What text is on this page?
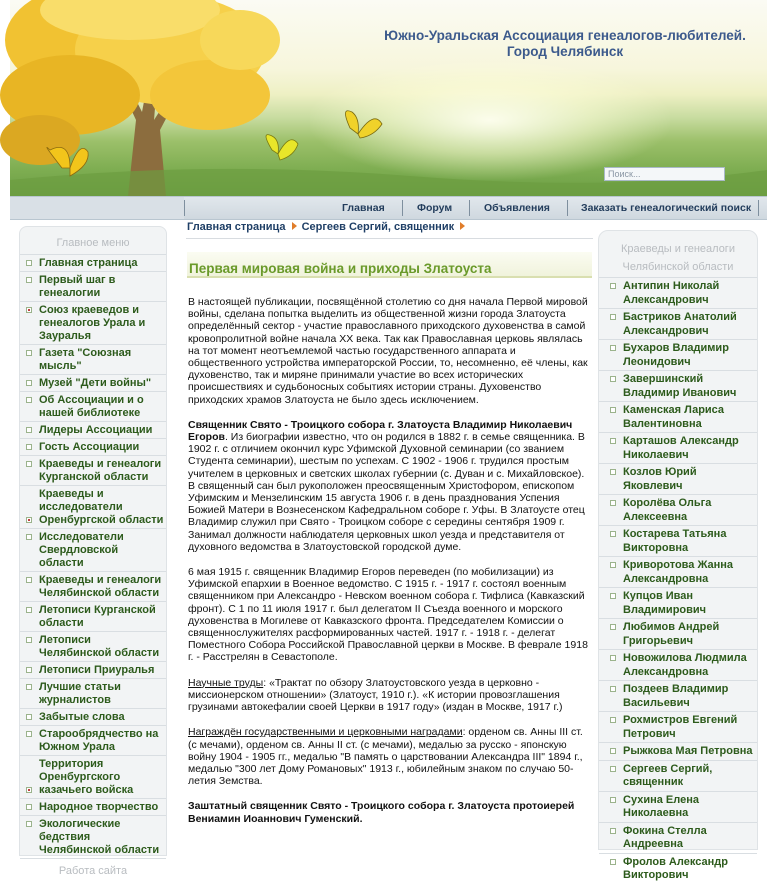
Южно-Уральская Ассоциация генеалогов-любителей.
Город Челябинск
Поиск...
Главная	Форум	Объявления	Заказать генеалогический поиск
Главное меню
Главная страница
Первый шаг в генеалогии
Союз краеведов и генеалогов Урала и Зауралья
Газета "Союзная мысль"
Музей "Дети войны"
Об Ассоциации и о нашей библиотеке
Лидеры Ассоциации
Гость Ассоциации
Краеведы и генеалоги Курганской области
Краеведы и исследователи Оренбургской области
Исследователи Свердловской области
Краеведы и генеалоги Челябинской области
Летописи Курганской области
Летописи Челябинской области
Летописи Приуралья
Лучшие статьи журналистов
Забытые слова
Старообрядчество на Южном Урала
Территория Оренбургского казачьего войска
Народное творчество
Экологические бедствия Челябинской области
Работа сайта
Главная страница Сергеев Сергий, священник
Первая мировая война и приходы Златоуста

В настоящей публикации, посвящённой столетию со дня начала Первой мировой войны, сделана попытка выделить из общественной жизни города Златоуста определённый сектор - участие православного приходского духовенства в самой кровопролитной войне начала XX века. Так как Православная церковь являлась на тот момент неотъемлемой частью государственного аппарата и общественного устройства императорской России, то, несомненно, её члены, как духовенство, так и миряне принимали участие во всех исторических происшествиях и судьбоносных событиях истории страны. Духовенство приходских храмов Златоуста не было здесь исключением.

Священник Свято - Троицкого собора г. Златоуста Владимир Николаевич Егоров. Из биографии известно, что он родился в 1882 г. в семье священника. В 1902 г. с отличием окончил курс Уфимской Духовной семинарии (со званием Студента семинарии), шестым по успехам. С 1902 - 1906 г. трудился простым учителем в церковных и светских школах губернии (с. Дуван и с. Михайловское). В священный сан был рукоположен преосвященным Христофором, епископом Уфимским и Мензелинским 15 августа 1906 г. в день празднования Успения Божией Матери в Вознесенском Кафедральном соборе г. Уфы. В Златоусте отец Владимир служил при Свято - Троицком соборе с середины сентября 1909 г. Занимал должности наблюдателя церковных школ уезда и представителя от духовного ведомства в Златоустовской городской думе.

6 мая 1915 г. священник Владимир Егоров переведен (по мобилизации) из Уфимской епархии в Военное ведомство. С 1915 г. - 1917 г. состоял военным священником при Александро - Невском военном собора г. Тифлиса (Кавказский фронт). С 1 по 11 июля 1917 г. был делегатом II Съезда военного и морского духовенства в Могилеве от Кавказского фронта. Председателем Комиссии о священнослужителях расформированных частей. 1917 г. - 1918 г. - делегат Поместного Собора Российской Православной церкви в Москве. В феврале 1918 г. - Расстрелян в Севастополе.

Научные труды: «Трактат по обзору Златоустовского уезда в церковно - миссионерском отношении» (Златоуст, 1910 г.). «К истории провозглашения грузинами автокефалии своей Церкви в 1917 году» (издан в Москве, 1917 г.)

Награждён государственными и церковными наградами: орденом св. Анны III ст. (с мечами), орденом св. Анны II ст. (с мечами), медалью за русско - японскую войну 1904 - 1905 гг., медалью "В память о царствовании Александра III" 1894 г., медалью "300 лет Дому Романовых" 1913 г., юбилейным знаком по случаю 50-летия Земства.

Заштатный священник Свято - Троицкого собора г. Златоуста протоиерей Вениамин Иоаннович Гуменский.

Краеведы и генеалоги Челябинской области
Антипин Николай Александрович
Бастриков Анатолий Александрович
Бухаров Владимир Леонидович
Завершинский Владимир Иванович
Каменская Лариса Валентиновна
Карташов Александр Николаевич
Козлов Юрий Яковлевич
Королёва Ольга Алексеевна
Костарева Татьяна Викторовна
Криворотова Жанна Александровна
Купцов Иван Владимирович
Любимов Андрей Григорьевич
Новожилова Людмила Александровна
Поздеев Владимир Васильевич
Рохмистров Евгений Петрович
Рыжкова Мая Петровна
Сергеев Сергий, священник
Сухина Елена Николаевна
Фокина Стелла Андреевна
Фролов Александр Викторович
